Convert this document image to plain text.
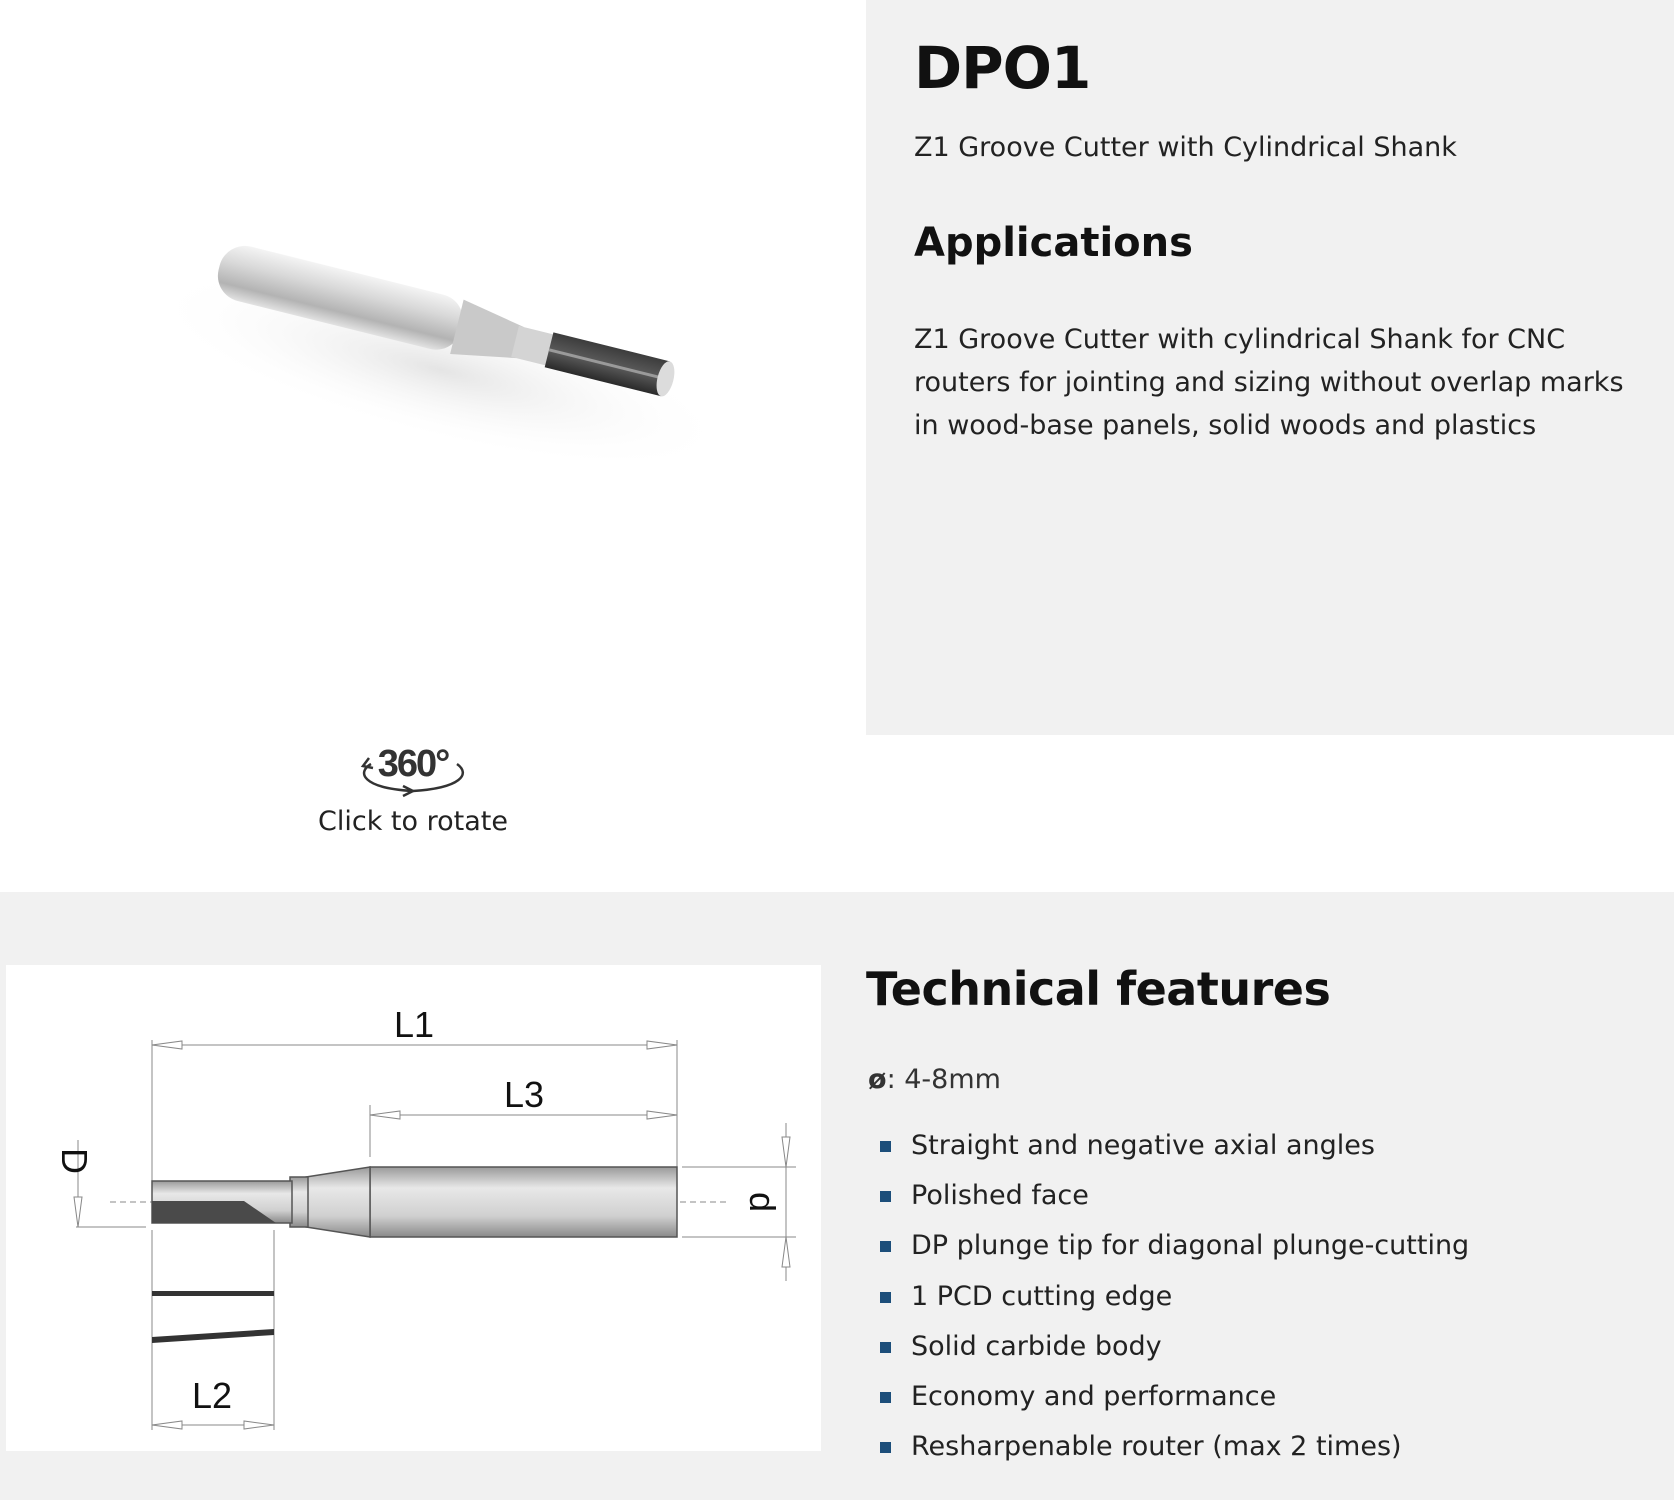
360°
Click to rotate
DPO1

Z1 Groove Cutter with Cylindrical Shank

Applications

Z1 Groove Cutter with cylindrical Shank for CNC routers for jointing and sizing without overlap marks in wood-base panels, solid woods and plastics

L1
L3
L2
D
d
Technical features
ø: 4-8mm
Straight and negative axial angles
Polished face
DP plunge tip for diagonal plunge-cutting
1 PCD cutting edge
Solid carbide body
Economy and performance
Resharpenable router (max 2 times)
